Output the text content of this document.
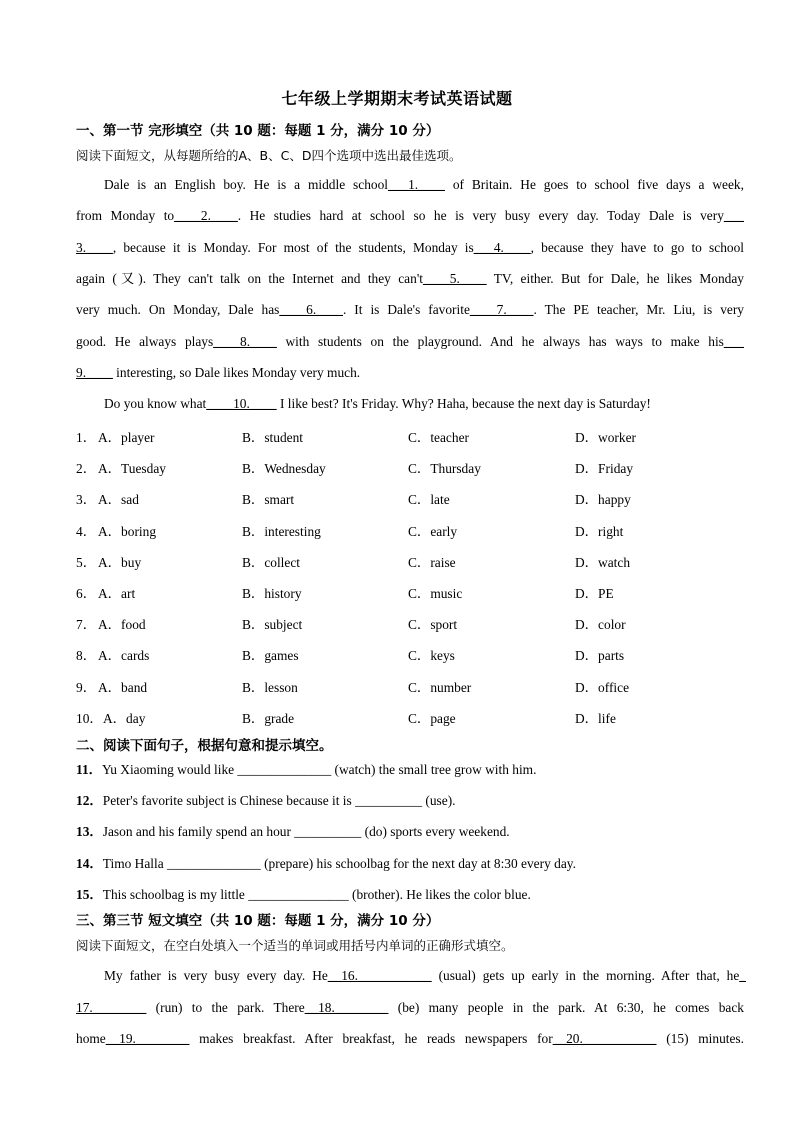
七年级上学期期末考试英语试题
一、第一节 完形填空（共 10 题：每题 1 分，满分 10 分）
阅读下面短文，从每题所给的A、B、C、D四个选项中选出最佳选项。
Dale is an English boy. He is a middle school___1.____ of Britain. He goes to school five days a week,
from Monday to____2.____. He studies hard at school so he is very busy every day. Today Dale is very___
3.____, because it is Monday. For most of the students, Monday is___4.____, because they have to go to school
again (又). They can't talk on the Internet and they can't____5.____ TV, either. But for Dale, he likes Monday
very much. On Monday, Dale has____6.____. It is Dale's favorite____7.____. The PE teacher, Mr. Liu, is very
good. He always plays____8.____ with students on the playground. And he always has ways to make his___
9.____ interesting, so Dale likes Monday very much.
Do you know what____10.____ I like best? It's Friday. Why? Haha, because the next day is Saturday!
1． A．player	B．student	C．teacher	D．worker
2． A．Tuesday	B．Wednesday	C．Thursday	D．Friday
3． A．sad	B．smart	C．late	D．happy
4． A．boring	B．interesting	C．early	D．right
5． A．buy	B．collect	C．raise	D．watch
6． A．art	B．history	C．music	D．PE
7． A．food	B．subject	C．sport	D．color
8． A．cards	B．games	C．keys	D．parts
9． A．band	B．lesson	C．number	D．office
10． A．day	B．grade	C．page	D．life
二、阅读下面句子，根据句意和提示填空。
11．Yu Xiaoming would like ______________ (watch) the small tree grow with him.
12．Peter's favorite subject is Chinese because it is __________ (use).
13．Jason and his family spend an hour __________ (do) sports every weekend.
14．Timo Halla ______________ (prepare) his schoolbag for the next day at 8:30 every day.
15．This schoolbag is my little _______________ (brother). He likes the color blue.
三、第三节 短文填空（共 10 题：每题 1 分，满分 10 分）
阅读下面短文，在空白处填入一个适当的单词或用括号内单词的正确形式填空。
My father is very busy every day. He__16.___________ (usual) gets up early in the morning. After that, he_
17.________ (run) to the park. There__18.________ (be) many people in the park. At 6:30, he comes back
home__19.________ makes breakfast. After breakfast, he reads newspapers for__20.___________ (15) minutes.
